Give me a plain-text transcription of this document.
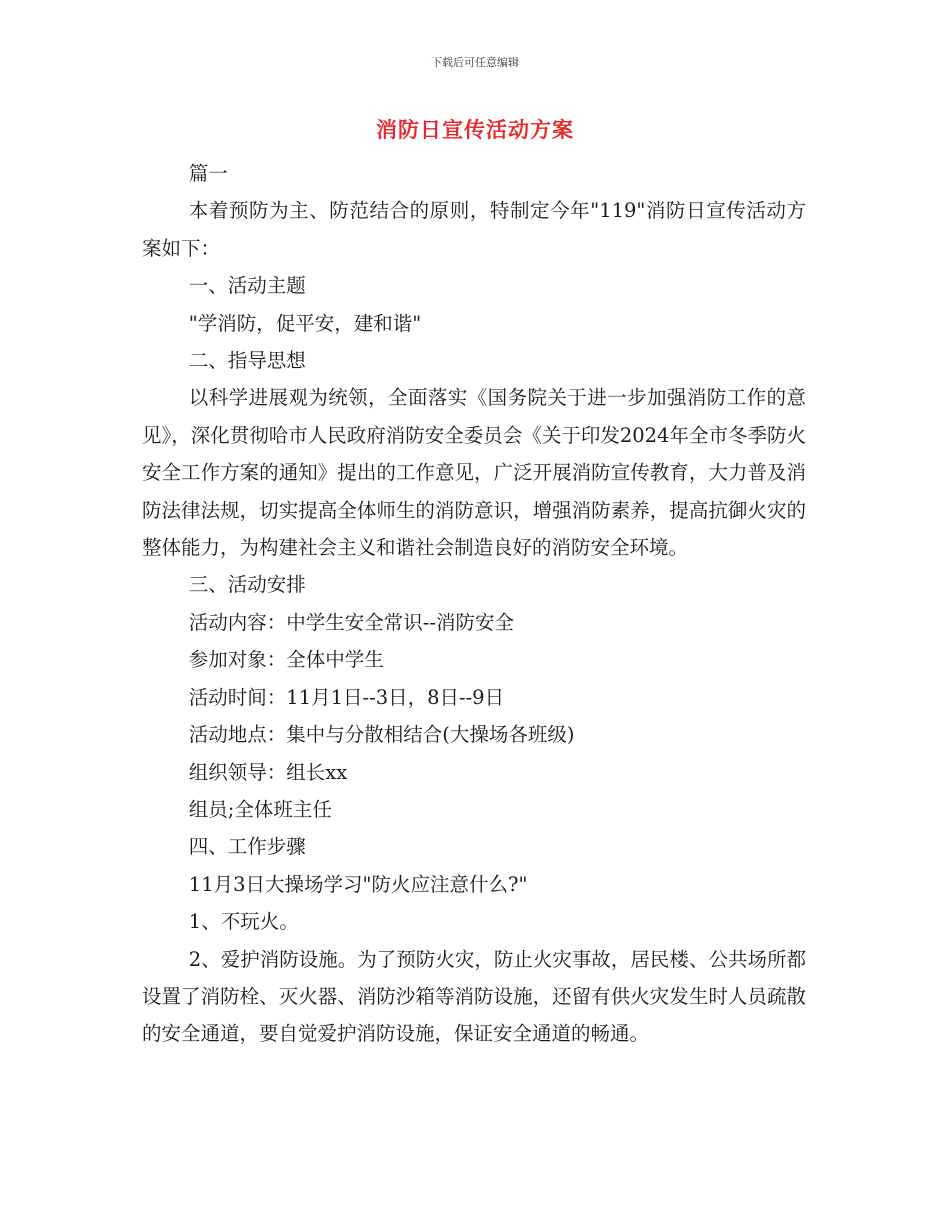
下载后可任意编辑
消防日宣传活动方案

篇一

本着预防为主、防范结合的原则，特制定今年"119"消防日宣传活动方案如下：

一、活动主题

"学消防，促平安，建和谐"

二、指导思想

以科学进展观为统领，全面落实《国务院关于进一步加强消防工作的意见》，深化贯彻哈市人民政府消防安全委员会《关于印发2024年全市冬季防火安全工作方案的通知》提出的工作意见，广泛开展消防宣传教育，大力普及消防法律法规，切实提高全体师生的消防意识，增强消防素养，提高抗御火灾的整体能力，为构建社会主义和谐社会制造良好的消防安全环境。

三、活动安排

活动内容：中学生安全常识--消防安全

参加对象：全体中学生

活动时间：11月1日--3日，8日--9日

活动地点：集中与分散相结合(大操场各班级)

组织领导：组长xx

组员;全体班主任

四、工作步骤

11月3日大操场学习"防火应注意什么?"

1、不玩火。

2、爱护消防设施。为了预防火灾，防止火灾事故，居民楼、公共场所都设置了消防栓、灭火器、消防沙箱等消防设施，还留有供火灾发生时人员疏散的安全通道，要自觉爱护消防设施，保证安全通道的畅通。
